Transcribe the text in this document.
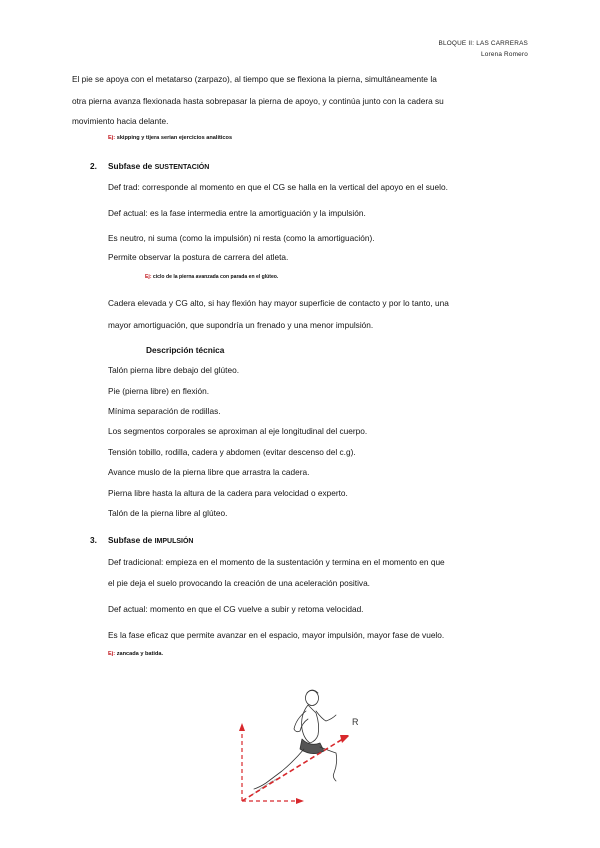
BLOQUE II: LAS CARRERAS
Lorena Romero
El pie se apoya con el metatarso (zarpazo), al tiempo que se flexiona la pierna, simultáneamente la
otra pierna avanza flexionada hasta sobrepasar la pierna de apoyo, y continúa junto con la cadera su
movimiento hacia delante.
Ej: skipping y tijera serian ejercicios analíticos
2. Subfase de SUSTENTACIÓN
Def trad: corresponde al momento en que el CG se halla en la vertical del apoyo en el suelo.
Def actual: es la fase intermedia entre la amortiguación y la impulsión.
Es neutro, ni suma (como la impulsión) ni resta (como la amortiguación).
Permite observar la postura de carrera del atleta.
Ej: ciclo de la pierna avanzada con parada en el glúteo.
Cadera elevada y CG alto, si hay flexión hay mayor superficie de contacto y por lo tanto, una
mayor amortiguación, que supondría un frenado y una menor impulsión.
Descripción técnica
Talón pierna libre debajo del glúteo.
Pie (pierna libre) en flexión.
Mínima separación de rodillas.
Los segmentos corporales se aproximan al eje longitudinal del cuerpo.
Tensión tobillo, rodilla, cadera y abdomen (evitar descenso del c.g).
Avance muslo de la pierna libre que arrastra la cadera.
Pierna libre hasta la altura de la cadera para velocidad o experto.
Talón de la pierna libre al glúteo.
3. Subfase de IMPULSIÓN
Def tradicional: empieza en el momento de la sustentación y termina en el momento en que
el pie deja el suelo provocando la creación de una aceleración positiva.
Def actual: momento en que el CG vuelve a subir y retoma velocidad.
Es la fase eficaz que permite avanzar en el espacio, mayor impulsión, mayor fase de vuelo.
Ej: zancada y batida.
R
